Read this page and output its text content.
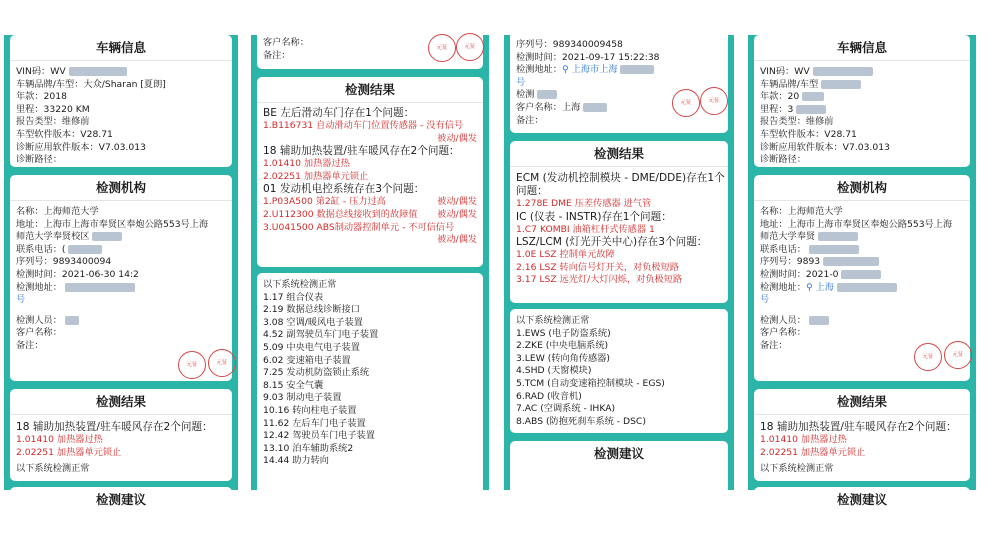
车辆信息
VIN码：WV
车辆品牌/车型：大众/Sharan [夏朗]
年款：2018
里程：33220 KM
报告类型：维修前
车型软件版本：V28.71
诊断应用软件版本：V7.03.013
诊断路径：
检测机构
名称：上海师范大学
地址：上海市上海市奉贤区奉炮公路553号上海
师范大学奉贤校区
联系电话：(
序列号：9893400094
检测时间：2021-06-30 14:2
检测地址：
号
检测人员：
客户名称：
备注：
元征	元征
检测结果
18 辅助加热装置/驻车暖风存在2个问题：
1.01410 加热器过热
2.02251 加热器单元锁止
以下系统检测正常
检测建议
客户名称：
备注：
元征	元征
检测结果
BE 左后滑动车门存在1个问题：
1.B116731 自动滑动车门位置传感器 - 没有信号
被动/偶发
18 辅助加热装置/驻车暖风存在2个问题：
1.01410 加热器过热
2.02251 加热器单元锁止
01 发动机电控系统存在3个问题：
1.P03A500 第2缸 - 压力过高	被动/偶发
2.U112300 数据总线接收到的故障值	被动/偶发
3.U041500 ABS制动器控制单元 - 不可信信号
被动/偶发
以下系统检测正常
1.17 组合仪表
2.19 数据总线诊断接口
3.08 空调/暖风电子装置
4.52 副驾驶员车门电子装置
5.09 中央电气电子装置
6.02 变速箱电子装置
7.25 发动机防盗锁止系统
8.15 安全气囊
9.03 制动电子装置
10.16 转向柱电子装置
11.62 左后车门电子装置
12.42 驾驶员车门电子装置
13.10 泊车辅助系统2
14.44 助力转向
序列号：989340009458
检测时间：2021-09-17 15:22:38
检测地址：⚲ 上海市上海
号
检测
客户名称：上海
备注：
元征	元征
检测结果
ECM (发动机控制模块 - DME/DDE)存在1个
问题：
1.278E DME 压差传感器 进气管
IC (仪表 - INSTR)存在1个问题：
1.C7 KOMBI 油箱杠杆式传感器 1
LSZ/LCM (灯光开关中心)存在3个问题：
1.0E LSZ 控制单元故障
2.16 LSZ 转向信号灯开关，对负极短路
3.17 LSZ 远光灯/大灯闪烁，对负极短路
以下系统检测正常
1.EWS (电子防盗系统)
2.ZKE (中央电脑系统)
3.LEW (转向角传感器)
4.SHD (天窗模块)
5.TCM (自动变速箱控制模块 - EGS)
6.RAD (收音机)
7.AC (空调系统 - IHKA)
8.ABS (防抱死刹车系统 - DSC)
检测建议
车辆信息
VIN码：WV
车辆品牌/车型
年款：20
里程：3
报告类型：维修前
车型软件版本：V28.71
诊断应用软件版本：V7.03.013
诊断路径：
检测机构
名称：上海师范大学
地址：上海市上海市奉贤区奉炮公路553号上海
师范大学奉贤
联系电话：
序列号：9893
检测时间：2021-0
检测地址：⚲ 上海
号
检测人员：
客户名称：
备注：
元征	元征
检测结果
18 辅助加热装置/驻车暖风存在2个问题：
1.01410 加热器过热
2.02251 加热器单元锁止
以下系统检测正常
检测建议
